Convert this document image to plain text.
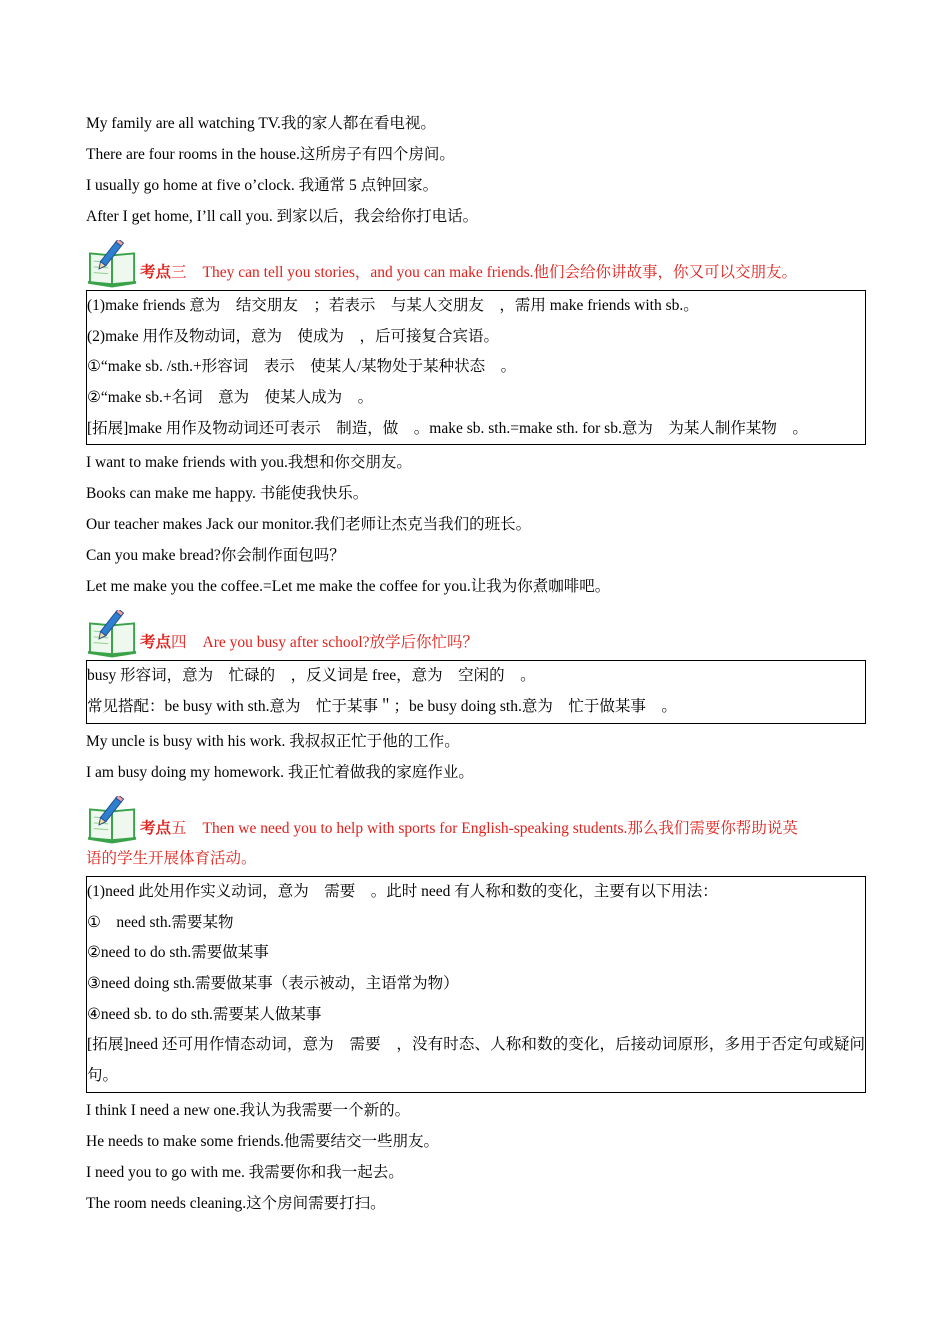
My family are all watching TV.我的家人都在看电视。
There are four rooms in the house.这所房子有四个房间。
I usually go home at five o’clock. 我通常 5 点钟回家。
After I get home, I’ll call you. 到家以后，我会给你打电话。
考点三 They can tell you stories，and you can make friends.他们会给你讲故事，你又可以交朋友。
(1)make friends 意为　结交朋友　；若表示　与某人交朋友　，需用 make friends with sb.。
(2)make 用作及物动词，意为　使成为　，后可接复合宾语。
①“make sb. /sth.+形容词　表示　使某人/某物处于某种状态　。
②“make sb.+名词　意为　使某人成为　。
[拓展]make 用作及物动词还可表示　制造，做　。make sb. sth.=make sth. for sb.意为　为某人制作某物　。
I want to make friends with you.我想和你交朋友。
Books can make me happy. 书能使我快乐。
Our teacher makes Jack our monitor.我们老师让杰克当我们的班长。
Can you make bread?你会制作面包吗？
Let me make you the coffee.=Let me make the coffee for you.让我为你煮咖啡吧。
考点四 Are you busy after school?放学后你忙吗？
busy 形容词，意为　忙碌的　，反义词是 free，意为　空闲的　。
常见搭配：be busy with sth.意为　忙于某事＂；be busy doing sth.意为　忙于做某事　。
My uncle is busy with his work. 我叔叔正忙于他的工作。
I am busy doing my homework. 我正忙着做我的家庭作业。
考点五 Then we need you to help with sports for English-speaking students.那么我们需要你帮助说英
语的学生开展体育活动。
(1)need 此处用作实义动词，意为　需要　。此时 need 有人称和数的变化，主要有以下用法：
①　need sth.需要某物
②need to do sth.需要做某事
③need doing sth.需要做某事（表示被动，主语常为物）
④need sb. to do sth.需要某人做某事
[拓展]need 还可用作情态动词，意为　需要　，没有时态、人称和数的变化，后接动词原形，多用于否定句或疑问句。
I think I need a new one.我认为我需要一个新的。
He needs to make some friends.他需要结交一些朋友。
I need you to go with me. 我需要你和我一起去。
The room needs cleaning.这个房间需要打扫。
